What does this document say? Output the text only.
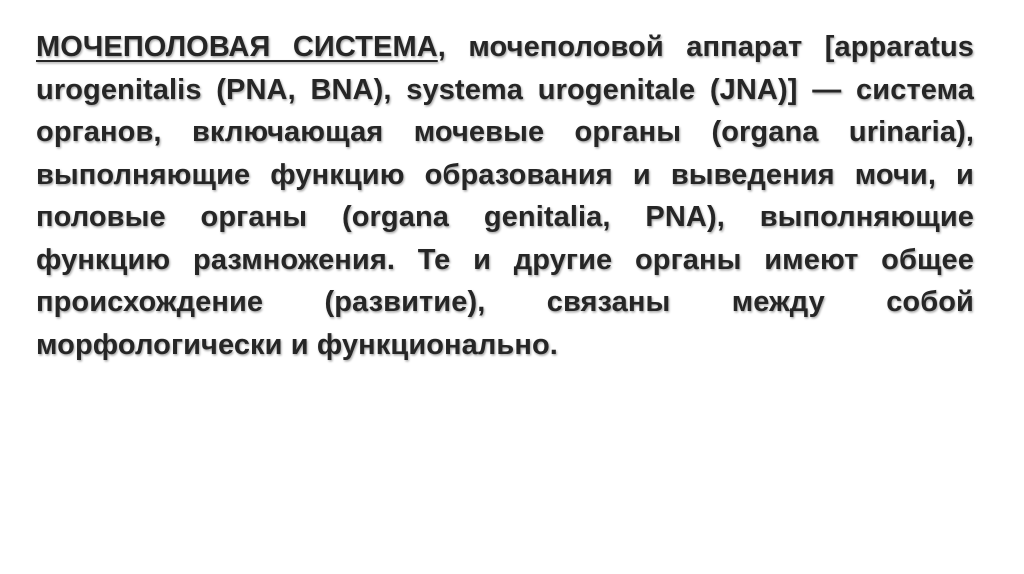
МОЧЕПОЛОВАЯ СИСТЕМА, мочеполовой аппарат [apparatus urogenitalis (PNA, BNA), systema urogenitale (JNA)] — система органов, включающая мочевые органы (organa urinaria), выполняющие функцию образования и выведения мочи, и половые органы (organa genitalia, PNA), выполняющие функцию размножения. Те и другие органы имеют общее происхождение (развитие), связаны между собой морфологически и функционально.
